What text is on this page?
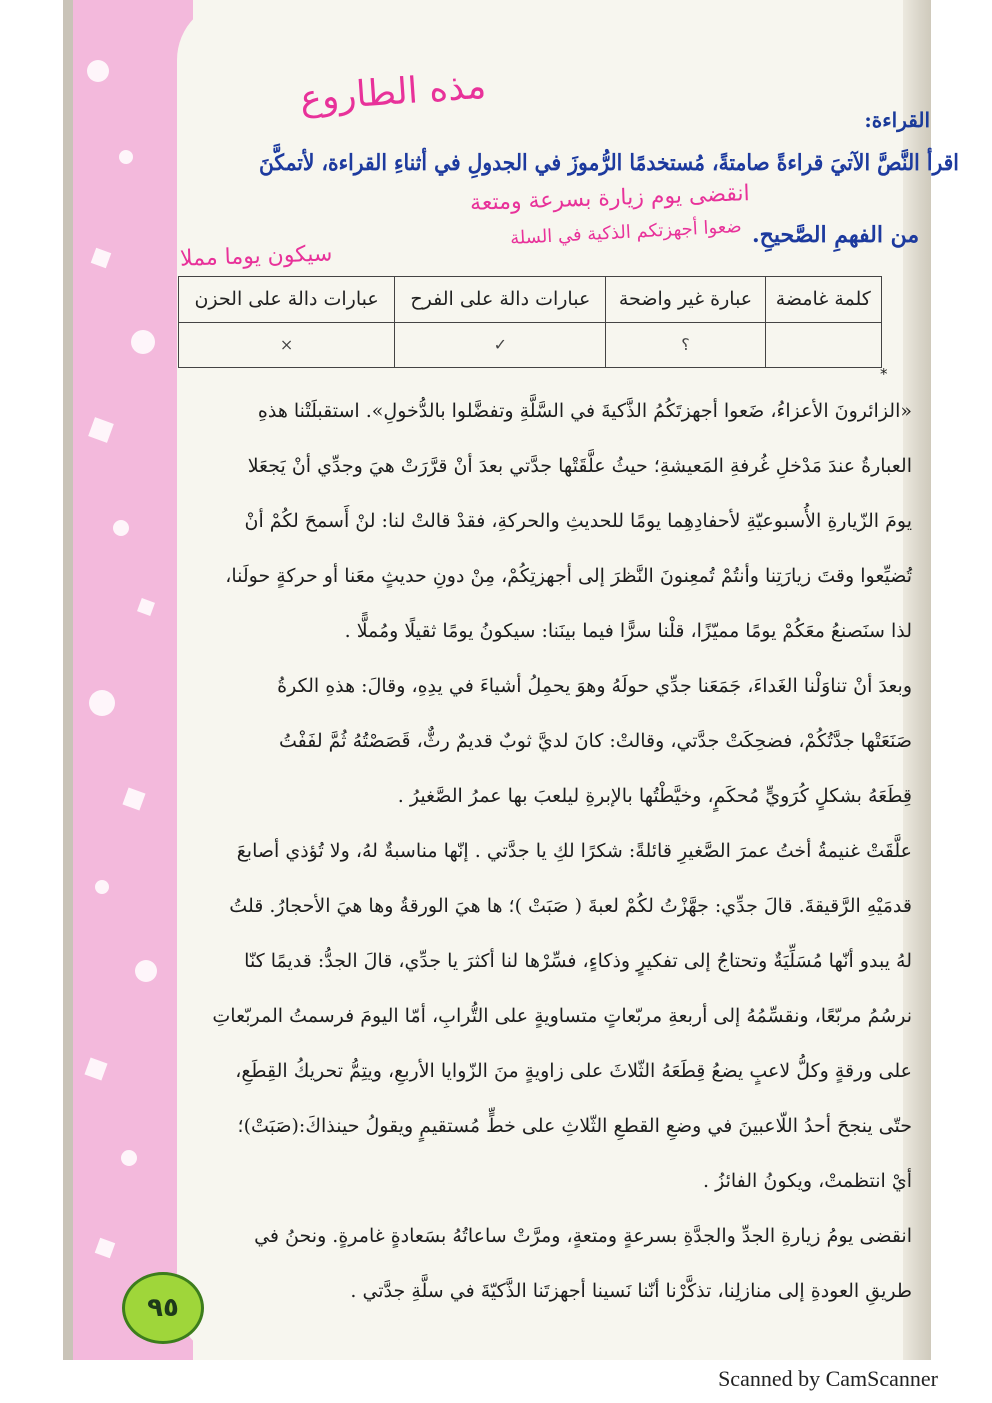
القراءة:
مذه الطاروع
اقرأ النَّصَّ الآتيَ قراءةً صامتةً، مُستخدمًا الرُّموزَ في الجدولِ في أثناءِ القراءة، لأتمكَّنَ
انقضى يوم زيارة بسرعة ومتعة
من الفهمِ الصَّحيحِ.
ضعوا أجهزتكم الذكية في السلة
سيكون يوما مملا
كلمة غامضة	عبارة غير واضحة	عبارات دالة على الفرح	عبارات دالة على الحزن
	؟	✓	×
*
«الزائرونَ الأعزاءُ، ضَعوا أجهزتَكُمُ الذَّكيةَ في السَّلَّةِ وتفضَّلوا بالدُّخولِ». استقبلَتْنا هذهِ
العبارةُ عندَ مَدْخلِ غُرفةِ المَعيشةِ؛ حيثُ علَّقَتْها جدَّتي بعدَ أنْ قرَّرَتْ هيَ وجدِّي أنْ يَجعَلا
يومَ الزّيارةِ الأُسبوعيّةِ لأحفادِهِما يومًا للحديثِ والحركةِ، فقدْ قالتْ لنا: لنْ أَسمحَ لكُمْ أنْ
تُضيِّعوا وقتَ زيارَتِنا وأنتُمْ تُمعِنونَ النَّظرَ إلى أجهزتِكُمْ، مِنْ دونِ حديثٍ معَنا أو حركةٍ حولَنا،
لذا سنَصنعُ معَكُمْ يومًا مميّزًا، قلْنا سرًّا فيما بينَنا: سيكونُ يومًا ثقيلًا ومُملًّا .
وبعدَ أنْ تناوَلْنا الغَداءَ، جَمَعَنا جدِّي حولَهُ وهوَ يحمِلُ أشياءَ في يدِهِ، وقالَ: هذهِ الكرةُ
صَنَعَتْها جدَّتُكُمْ، فضحِكَتْ جدَّتي، وقالتْ: كانَ لديَّ ثوبٌ قديمٌ رثٌّ، قَصَصْتُهُ ثُمَّ لفَفْتُ
قِطَعَهُ بشكلٍ كُرَويٍّ مُحكَمٍ، وخيَّطْتُها بالإبرةِ ليلعبَ بها عمرُ الصَّغيرُ .
علَّقَتْ غنيمةُ أختُ عمرَ الصَّغيرِ قائلةً: شكرًا لكِ يا جدَّتي . إنّها مناسبةٌ لهُ، ولا تُؤذي أصابعَ
قدمَيْهِ الرَّقيقةَ. قالَ جدِّي: جهَّزْتُ لكُمْ لعبةَ ( صَبَتْ )؛ ها هيَ الورقةُ وها هيَ الأحجارُ. قلتُ
لهُ يبدو أنّها مُسَلِّيَةٌ وتحتاجُ إلى تفكيرٍ وذكاءٍ، فسِّرْها لنا أكثرَ يا جدِّي، قالَ الجدُّ: قديمًا كنّا
نرسُمُ مربّعًا، ونقسِّمُهُ إلى أربعةِ مربّعاتٍ متساويةٍ على التُّرابِ، أمّا اليومَ فرسمتُ المربّعاتِ
على ورقةٍ وكلُّ لاعبٍ يضعُ قِطَعَهُ الثّلاثَ على زاويةٍ منَ الزّوايا الأربعِ، ويتِمُّ تحريكُ القِطَعِ،
حتّى ينجحَ أحدُ اللّاعبينَ في وضعِ القطعِ الثّلاثِ على خطٍّ مُستقيمٍ ويقولُ حينذاكَ:(صَبَتْ)؛
أيْ انتظمتْ، ويكونُ الفائزُ .
انقضى يومُ زيارةِ الجدِّ والجدَّةِ بسرعةٍ ومتعةٍ، ومرَّتْ ساعاتُهُ بسَعادةٍ غامرةٍ. ونحنُ في
طريقِ العودةِ إلى منازلِنا، تذكَّرْنا أنّنا نَسينا أجهزتَنا الذَّكيّةَ في سلَّةِ جدَّتي .
٩٥
Scanned by CamScanner
